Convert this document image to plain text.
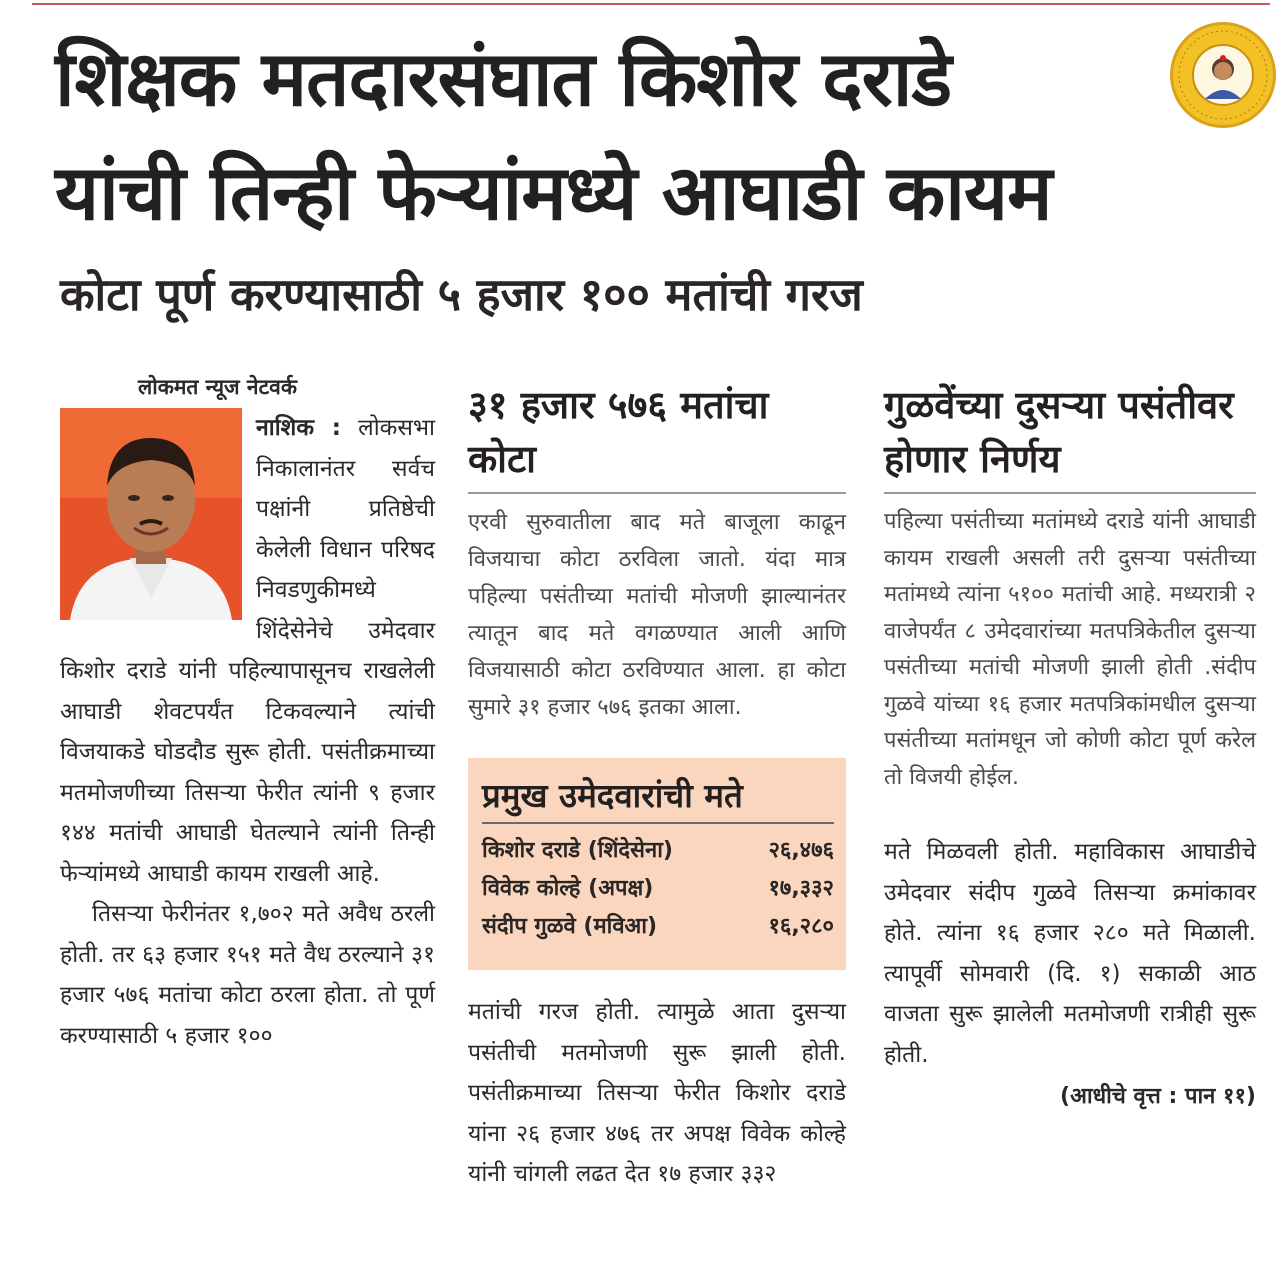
शिक्षक मतदारसंघात किशोर दराडे
यांची तिन्ही फेऱ्यांमध्ये आघाडी कायम
कोटा पूर्ण करण्यासाठी ५ हजार १०० मतांची गरज
लोकमत न्यूज नेटवर्क

नाशिक : लोकसभा निकालानंतर सर्वच पक्षांनी प्रतिष्ठेची केलेली विधान परिषद निवडणुकीमध्ये शिंदेसेनेचे उमेदवार किशोर दराडे यांनी पहिल्यापासूनच राखलेली आघाडी शेवटपर्यंत टिकवल्याने त्यांची विजयाकडे घोडदौड सुरू होती. पसंतीक्रमाच्या मतमोजणीच्या तिसऱ्या फेरीत त्यांनी ९ हजार १४४ मतांची आघाडी घेतल्याने त्यांनी तिन्ही फेऱ्यांमध्ये आघाडी कायम राखली आहे.

तिसऱ्या फेरीनंतर १,७०२ मते अवैध ठरली होती. तर ६३ हजार १५१ मते वैध ठरल्याने ३१ हजार ५७६ मतांचा कोटा ठरला होता. तो पूर्ण करण्यासाठी ५ हजार १००

३१ हजार ५७६ मतांचा कोटा

एरवी सुरुवातीला बाद मते बाजूला काढून विजयाचा कोटा ठरविला जातो. यंदा मात्र पहिल्या पसंतीच्या मतांची मोजणी झाल्यानंतर त्यातून बाद मते वगळण्यात आली आणि विजयासाठी कोटा ठरविण्यात आला. हा कोटा सुमारे ३१ हजार ५७६ इतका आला.

प्रमुख उमेदवारांची मते
किशोर दराडे (शिंदेसेना)	२६,४७६
विवेक कोल्हे (अपक्ष)	१७,३३२
संदीप गुळवे (मविआ)	१६,२८०

मतांची गरज होती. त्यामुळे आता दुसऱ्या पसंतीची मतमोजणी सुरू झाली होती. पसंतीक्रमाच्या तिसऱ्या फेरीत किशोर दराडे यांना २६ हजार ४७६ तर अपक्ष विवेक कोल्हे यांनी चांगली लढत देत १७ हजार ३३२

गुळवेंच्या दुसऱ्या पसंतीवर होणार निर्णय

पहिल्या पसंतीच्या मतांमध्ये दराडे यांनी आघाडी कायम राखली असली तरी दुसऱ्या पसंतीच्या मतांमध्ये त्यांना ५१०० मतांची आहे. मध्यरात्री २ वाजेपर्यंत ८ उमेदवारांच्या मतपत्रिकेतील दुसऱ्या पसंतीच्या मतांची मोजणी झाली होती .संदीप गुळवे यांच्या १६ हजार मतपत्रिकांमधील दुसऱ्या पसंतीच्या मतांमधून जो कोणी कोटा पूर्ण करेल तो विजयी होईल.

मते मिळवली होती. महाविकास आघाडीचे उमेदवार संदीप गुळवे तिसऱ्या क्रमांकावर होते. त्यांना १६ हजार २८० मते मिळाली. त्यापूर्वी सोमवारी (दि. १) सकाळी आठ वाजता सुरू झालेली मतमोजणी रात्रीही सुरू होती.

(आधीचे वृत्त : पान ११)
